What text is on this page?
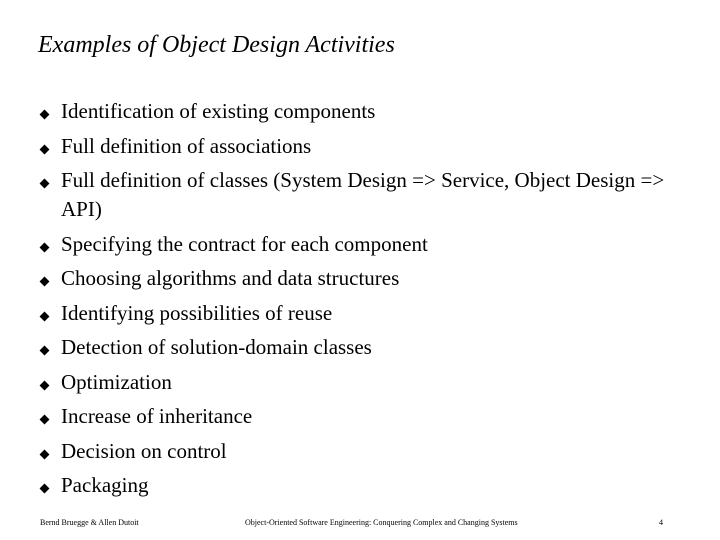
Examples of Object Design Activities
Identification of existing components
Full definition of associations
Full definition of classes (System Design => Service, Object Design => API)
Specifying the contract for each component
Choosing algorithms and data structures
Identifying possibilities of reuse
Detection of solution-domain classes
Optimization
Increase of inheritance
Decision on control
Packaging
Bernd Bruegge & Allen Dutoit	Object-Oriented Software Engineering: Conquering Complex and Changing Systems	4
